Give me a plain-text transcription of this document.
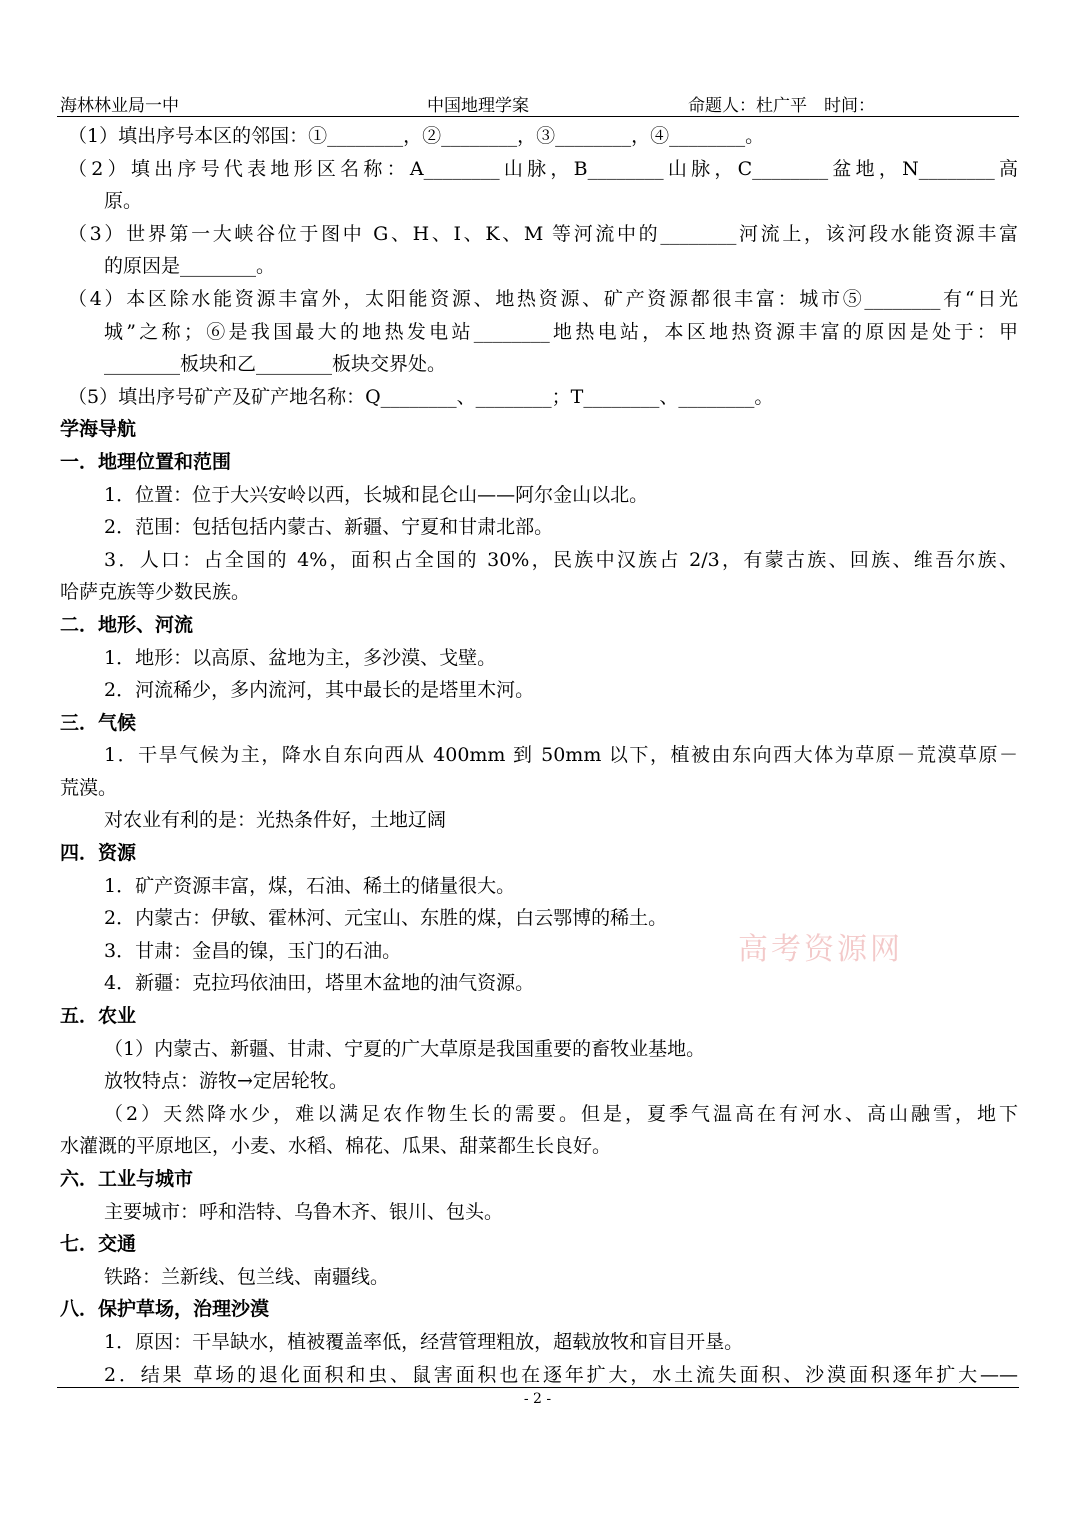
海林林业局一中	中国地理学案	命题人：杜广平　时间：
（1）填出序号本区的邻国：①________，②________，③________，④________。
（2）填出序号代表地形区名称：A________山脉，B________山脉，C________盆地，N________高
原。
（3）世界第一大峡谷位于图中 G、H、I、K、M 等河流中的________河流上，该河段水能资源丰富
的原因是________。
（4）本区除水能资源丰富外，太阳能资源、地热资源、矿产资源都很丰富：城市⑤________有“日光
城”之称；⑥是我国最大的地热发电站________地热电站，本区地热资源丰富的原因是处于：甲
________板块和乙________板块交界处。
（5）填出序号矿产及矿产地名称：Q________、________；T________、________。
学海导航
一．地理位置和范围
1．位置：位于大兴安岭以西，长城和昆仑山——阿尔金山以北。
2．范围：包括包括内蒙古、新疆、宁夏和甘肃北部。
3．人口：占全国的 4%，面积占全国的 30%，民族中汉族占 2/3，有蒙古族、回族、维吾尔族、
哈萨克族等少数民族。
二．地形、河流
1．地形：以高原、盆地为主，多沙漠、戈壁。
2．河流稀少，多内流河，其中最长的是塔里木河。
三．气候
1．干旱气候为主，降水自东向西从 400mm 到 50mm 以下，植被由东向西大体为草原－荒漠草原－
荒漠。
对农业有利的是：光热条件好，土地辽阔
四．资源
1．矿产资源丰富，煤，石油、稀土的储量很大。
2．内蒙古：伊敏、霍林河、元宝山、东胜的煤，白云鄂博的稀土。
3．甘肃：金昌的镍，玉门的石油。
4．新疆：克拉玛依油田，塔里木盆地的油气资源。
五．农业
（1）内蒙古、新疆、甘肃、宁夏的广大草原是我国重要的畜牧业基地。
放牧特点：游牧→定居轮牧。
（2）天然降水少，难以满足农作物生长的需要。但是，夏季气温高在有河水、高山融雪，地下
水灌溉的平原地区，小麦、水稻、棉花、瓜果、甜菜都生长良好。
六．工业与城市
主要城市：呼和浩特、乌鲁木齐、银川、包头。
七．交通
铁路：兰新线、包兰线、南疆线。
八．保护草场，治理沙漠
1．原因：干旱缺水，植被覆盖率低，经营管理粗放，超载放牧和盲目开垦。
2．结果 草场的退化面积和虫、鼠害面积也在逐年扩大，水土流失面积、沙漠面积逐年扩大——
高考资源网
- 2 -
